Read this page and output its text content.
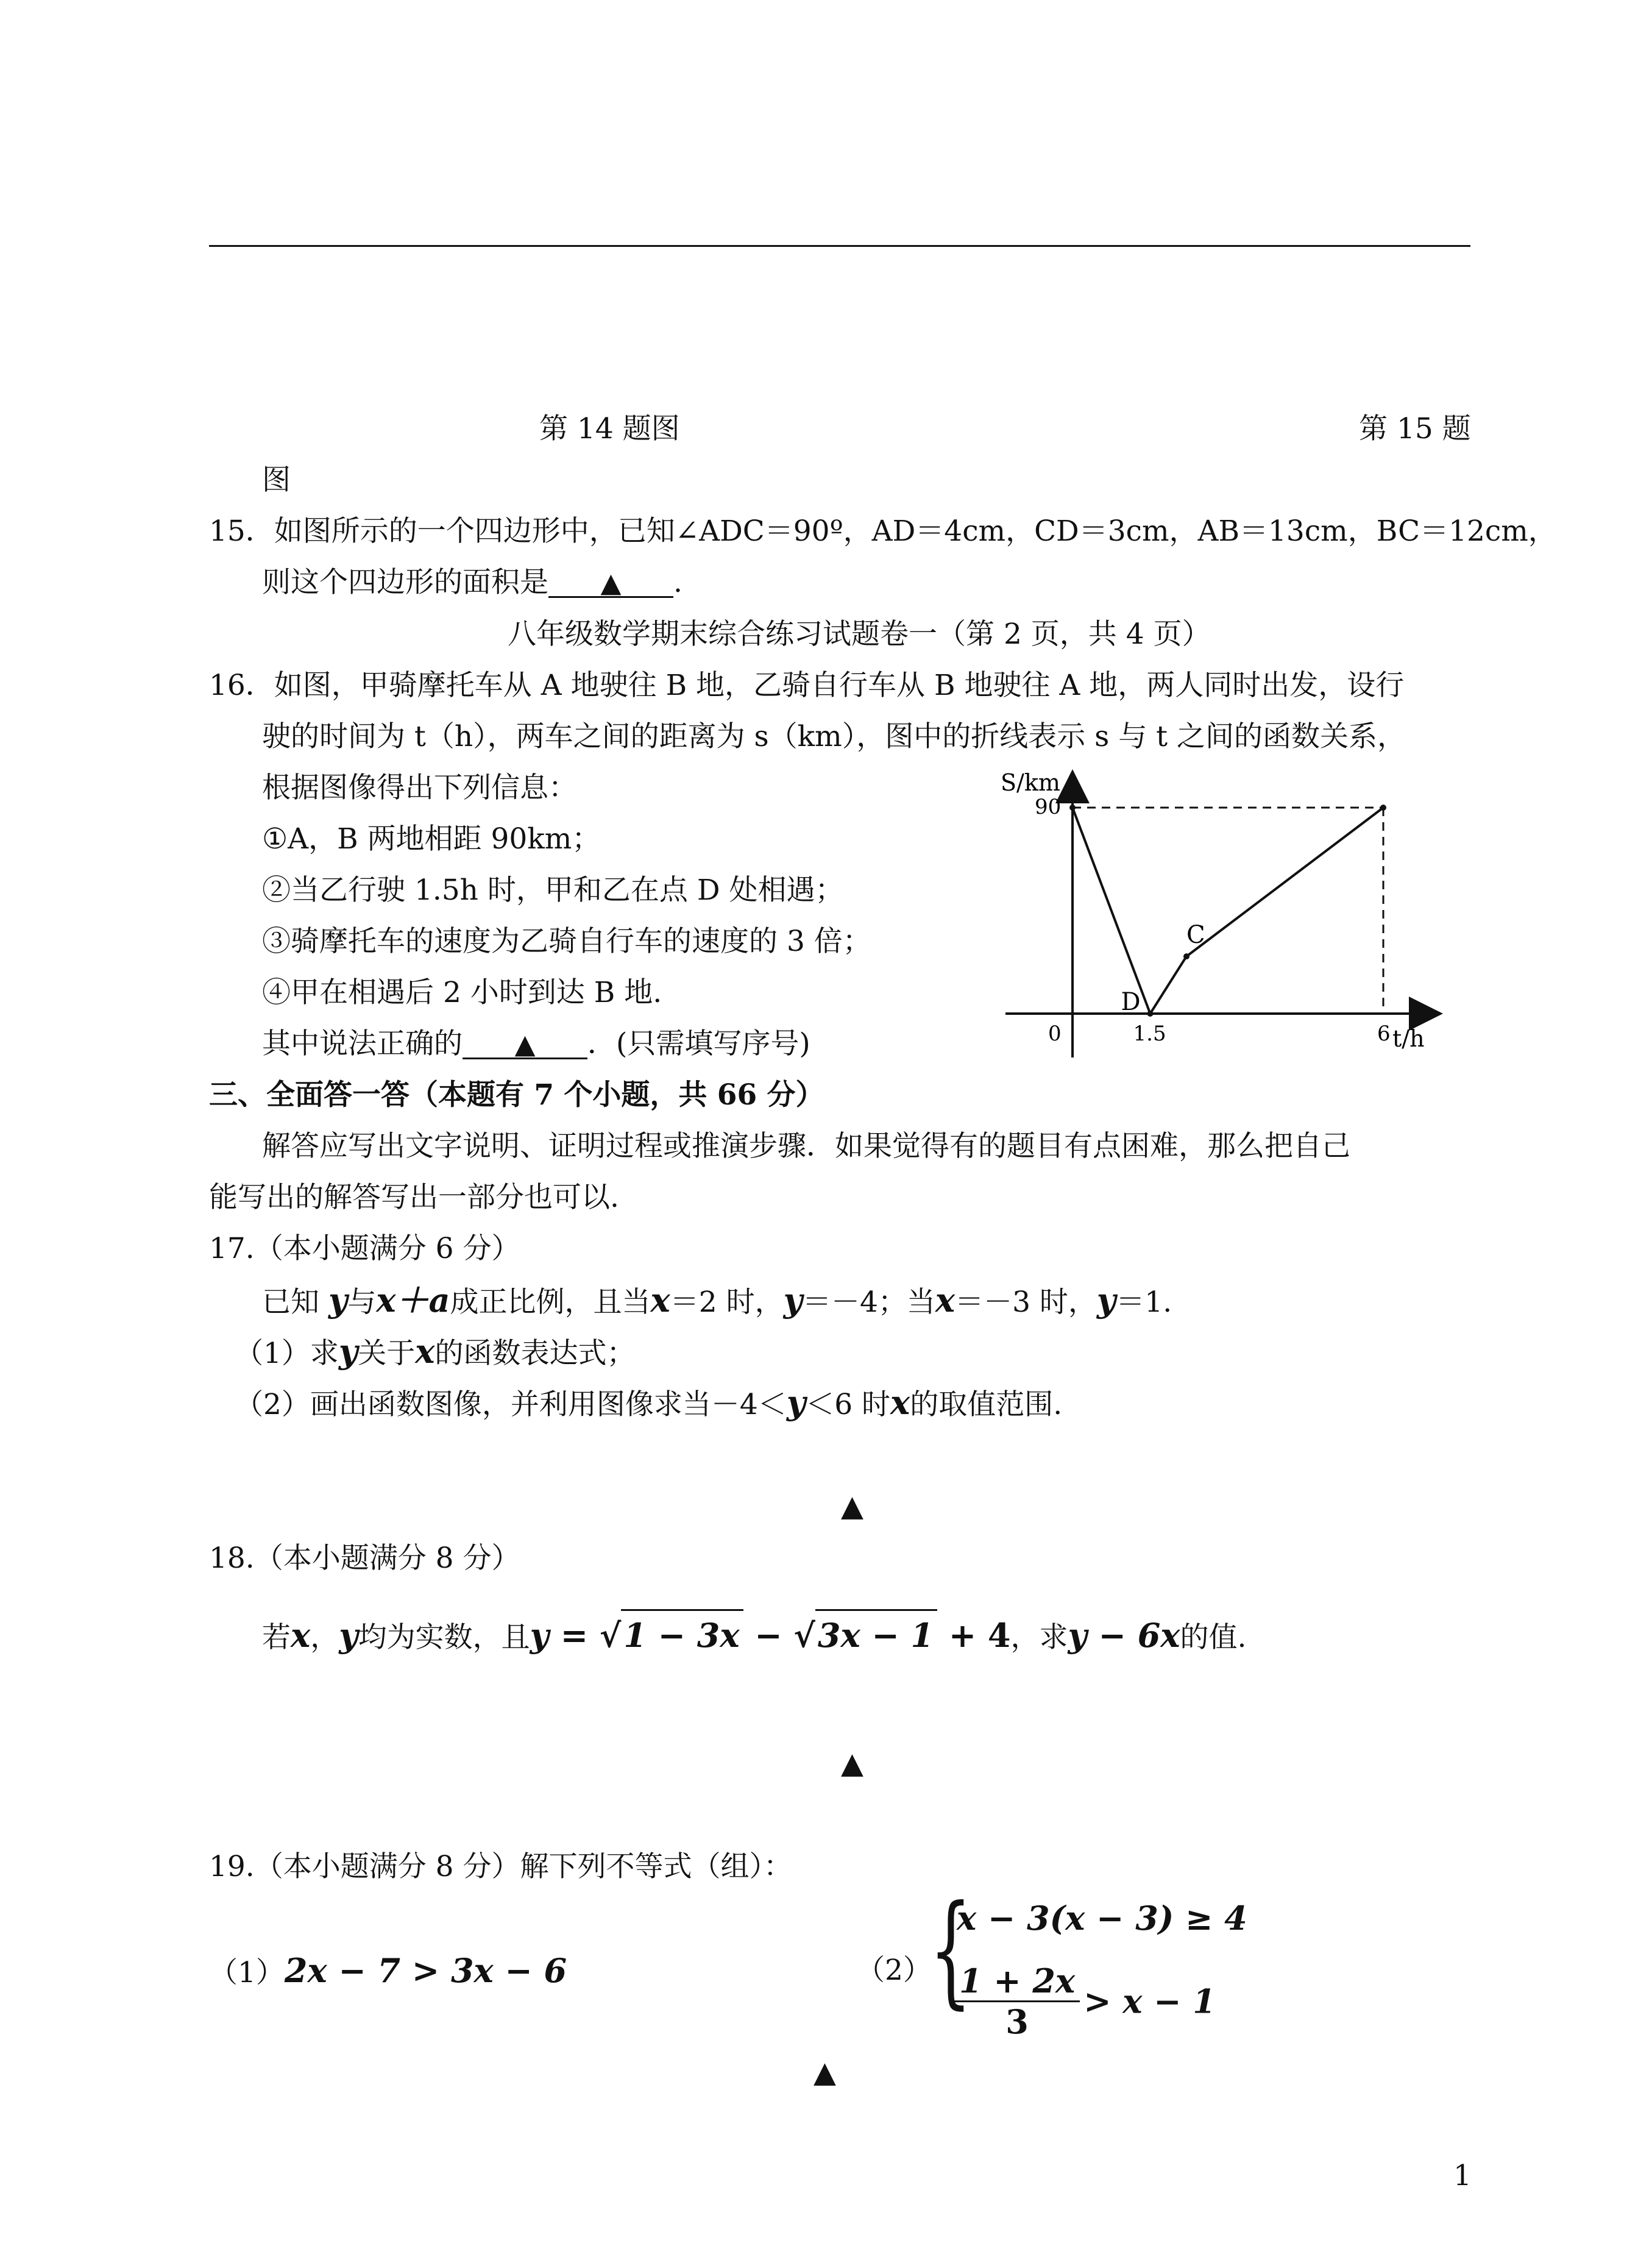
第 14 题图	第 15 题
图
15．如图所示的一个四边形中，已知∠ADC＝90º，AD＝4cm，CD＝3cm，AB＝13cm，BC＝12cm，
则这个四边形的面积是 ▲ .
八年级数学期末综合练习试题卷一（第 2 页，共 4 页）
16．如图，甲骑摩托车从 A 地驶往 B 地，乙骑自行车从 B 地驶往 A 地，两人同时出发，设行
驶的时间为 t（h），两车之间的距离为 s（km），图中的折线表示 s 与 t 之间的函数关系，
根据图像得出下列信息：
①A，B 两地相距 90km；
②当乙行驶 1.5h 时，甲和乙在点 D 处相遇；
③骑摩托车的速度为乙骑自行车的速度的 3 倍；
④甲在相遇后 2 小时到达 B 地.
其中说法正确的 ▲ ．(只需填写序号)
D
C
90
1.5	6
S/km
t/h
0
三、全面答一答（本题有 7 个小题，共 66 分）
解答应写出文字说明、证明过程或推演步骤．如果觉得有的题目有点困难，那么把自己
能写出的解答写出一部分也可以.
17.（本小题满分 6 分）
已知 y与x＋a成正比例，且当x＝2 时，y＝－4；当x＝－3 时，y＝1.
（1）求y关于x的函数表达式；
（2）画出函数图像，并利用图像求当－4＜y＜6 时x的取值范围.
▲
18.（本小题满分 8 分）
若x，y均为实数，且y = √1 − 3x − √3x − 1 + 4，求y − 6x的值.
▲
19.（本小题满分 8 分）解下列不等式（组）：
（1）2x − 7 > 3x − 6	（2）
{
x − 3(x − 3) ≥ 4
$\frac{1 + 2x}{3} > x - 1$
▲
1
